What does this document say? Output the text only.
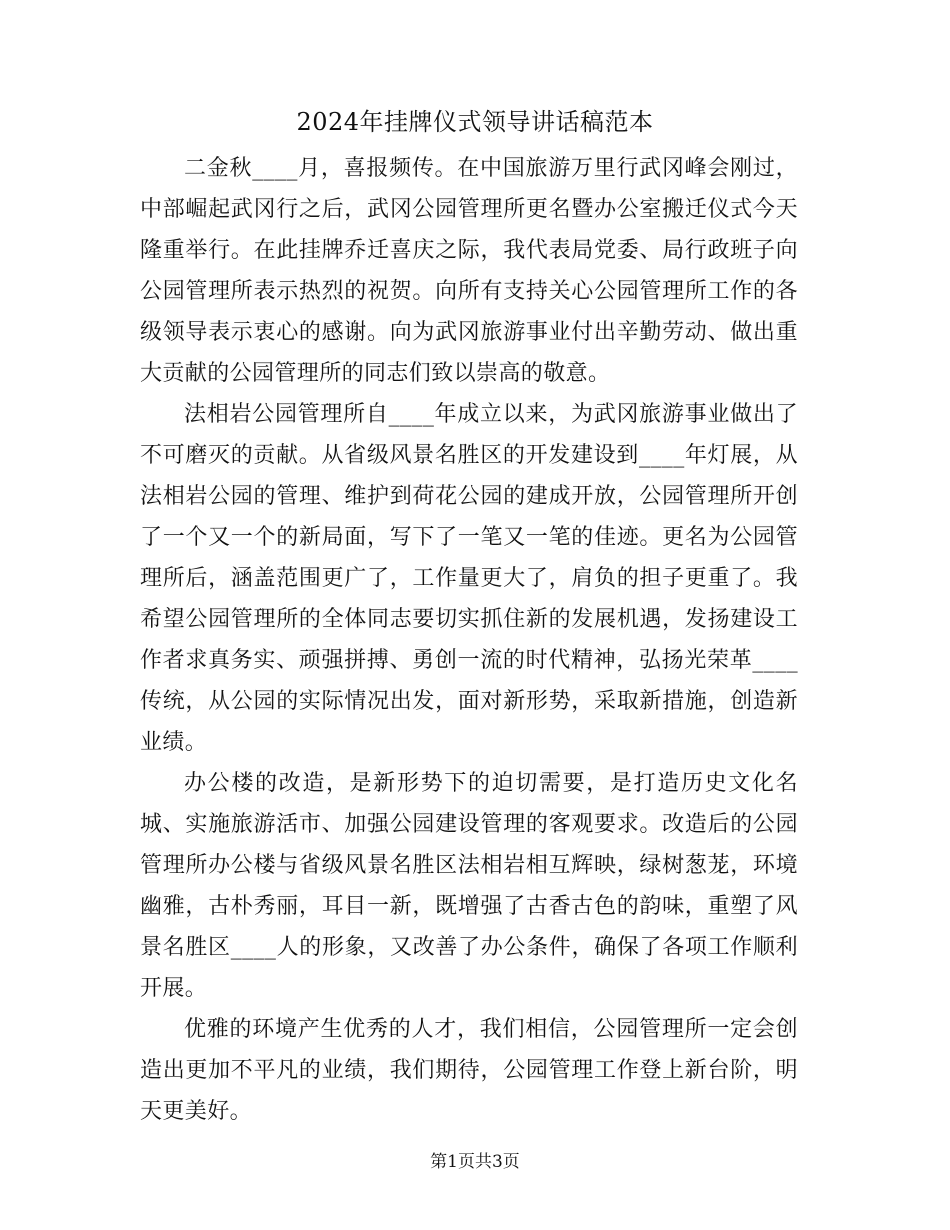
2024年挂牌仪式领导讲话稿范本

二金秋____月，喜报频传。在中国旅游万里行武冈峰会刚过，中部崛起武冈行之后，武冈公园管理所更名暨办公室搬迁仪式今天隆重举行。在此挂牌乔迁喜庆之际，我代表局党委、局行政班子向公园管理所表示热烈的祝贺。向所有支持关心公园管理所工作的各级领导表示衷心的感谢。向为武冈旅游事业付出辛勤劳动、做出重大贡献的公园管理所的同志们致以崇高的敬意。

法相岩公园管理所自____年成立以来，为武冈旅游事业做出了不可磨灭的贡献。从省级风景名胜区的开发建设到____年灯展，从法相岩公园的管理、维护到荷花公园的建成开放，公园管理所开创了一个又一个的新局面，写下了一笔又一笔的佳迹。更名为公园管理所后，涵盖范围更广了，工作量更大了，肩负的担子更重了。我希望公园管理所的全体同志要切实抓住新的发展机遇，发扬建设工作者求真务实、顽强拼搏、勇创一流的时代精神，弘扬光荣革____传统，从公园的实际情况出发，面对新形势，采取新措施，创造新业绩。

办公楼的改造，是新形势下的迫切需要，是打造历史文化名城、实施旅游活市、加强公园建设管理的客观要求。改造后的公园管理所办公楼与省级风景名胜区法相岩相互辉映，绿树葱茏，环境幽雅，古朴秀丽，耳目一新，既增强了古香古色的韵味，重塑了风景名胜区____人的形象，又改善了办公条件，确保了各项工作顺利开展。

优雅的环境产生优秀的人才，我们相信，公园管理所一定会创造出更加不平凡的业绩，我们期待，公园管理工作登上新台阶，明天更美好。

第1页共3页
